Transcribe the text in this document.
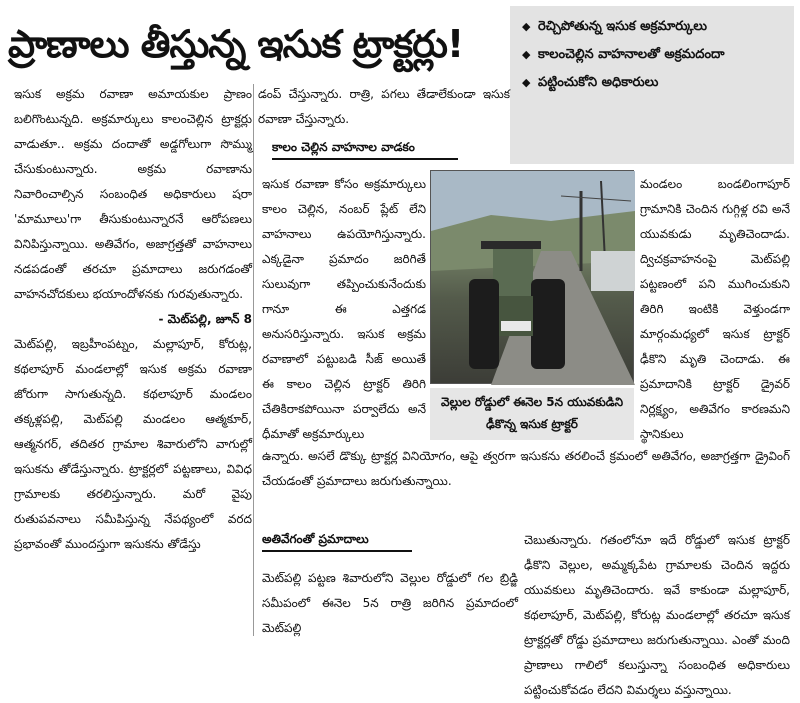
ప్రాణాలు తీస్తున్న ఇసుక ట్రాక్టర్లు!	◆ రెచ్చిపోతున్న ఇసుక అక్రమార్కులు
◆ కాలంచెల్లిన వాహనాలతో అక్రమదందా
◆ పట్టించుకోని అధికారులు

ఇసుక అక్రమ రవాణా అమాయకుల ప్రాణం బలిగొంటున్నది. అక్రమార్కులు కాలంచెల్లిన ట్రాక్టర్లు వాడుతూ.. అక్రమ దందాతో అడ్డగోలుగా సొమ్ము చేసుకుంటున్నారు. అక్రమ రవాణాను నివారించాల్సిన సంబంధిత అధికారులు షరా 'మామూలు'గా తీసుకుంటున్నారనే ఆరోపణలు వినిపిస్తున్నాయి. అతివేగం, అజాగ్రత్తతో వాహనాలు నడపడంతో తరచూ ప్రమాదాలు జరుగడంతో వాహనచోదకులు భయాందోళనకు గురవుతున్నారు.

- మెట్‌పల్లి, జూన్‌ 8

మెట్‌పల్లి, ఇబ్రహీంపట్నం, మల్లాపూర్‌, కోరుట్ల, కథలాపూర్‌ మండలాల్లో ఇసుక అక్రమ రవాణా జోరుగా సాగుతున్నది. కథలాపూర్‌ మండలం తక్కళ్లపల్లి, మెట్‌పల్లి మండలం ఆత్మకూర్‌, ఆత్మనగర్‌, తదితర గ్రామాల శివారులోని వాగుల్లో ఇసుకను తోడేస్తున్నారు. ట్రాక్టర్లలో పట్టణాలు, వివిధ గ్రామాలకు తరలిస్తున్నారు. మరో వైపు రుతుపవనాలు సమీపిస్తున్న నేపథ్యంలో వరద ప్రభావంతో ముందస్తుగా ఇసుకను తోడేస్తు

డంప్‌ చేస్తున్నారు. రాత్రి, పగలు తేడాలేకుండా ఇసుక రవాణా చేస్తున్నారు.
కాలం చెల్లిన వాహనాల వాడకం
ఇసుక రవాణా కోసం అక్రమార్కులు కాలం చెల్లిన, నంబర్‌ ప్లేట్‌ లేని వాహనాలు ఉపయోగిస్తున్నారు. ఎక్కడైనా ప్రమాదం జరిగితే సులువుగా తప్పించుకునేందుకు గానూ ఈ ఎత్తగడ అనుసరిస్తున్నారు. ఇసుక అక్రమ రవాణాలో పట్టుబడి సీజ్‌ అయితే ఈ కాలం చెల్లిన ట్రాక్టర్‌ తిరిగి చేతికిరాకపోయినా పర్వాలేదు అనే ధీమాతో అక్రమార్కులు
వెల్లుల రోడ్డులో ఈనెల 5న యువకుడిని ఢీకొన్న ఇసుక ట్రాక్టర్‌
మండలం బండలింగాపూర్‌ గ్రామానికి చెందిన గుగ్గిళ్ల రవి అనే యువకుడు మృతిచెందాడు. ద్విచక్రవాహనంపై మెట్‌పల్లి పట్టణంలో పని ముగించుకుని తిరిగి ఇంటికి వెళ్తుండగా మార్గంమధ్యలో ఇసుక ట్రాక్టర్‌ ఢీకొని మృతి చెందాడు. ఈ ప్రమాదానికి ట్రాక్టర్‌ డ్రైవర్‌ నిర్లక్ష్యం, అతివేగం కారణమని స్థానికులు
ఉన్నారు. అసలే డొక్కు ట్రాక్టర్ల వినియోగం, ఆపై త్వరగా ఇసుకను తరలించే క్రమంలో అతివేగం, అజాగ్రత్తగా డ్రైవింగ్‌ చేయడంతో ప్రమాదాలు జరుగుతున్నాయి.
అతివేగంతో ప్రమాదాలు
మెట్‌పల్లి పట్టణ శివారులోని వెల్లుల రోడ్డులో గల బ్రిడ్జి సమీపంలో ఈనెల 5న రాత్రి జరిగిన ప్రమాదంలో మెట్‌పల్లి
చెబుతున్నారు. గతంలోనూ ఇదే రోడ్డులో ఇసుక ట్రాక్టర్‌ ఢీకొని వెల్లుల, అమ్మక్కపేట గ్రామాలకు చెందిన ఇద్దరు యువకులు మృతిచెందారు. ఇవే కాకుండా మల్లాపూర్‌, కథలాపూర్‌, మెట్‌పల్లి, కోరుట్ల మండలాల్లో తరచూ ఇసుక ట్రాక్టర్లతో రోడ్డు ప్రమాదాలు జరుగుతున్నాయి. ఎంతో మంది ప్రాణాలు గాలిలో కలుస్తున్నా సంబంధిత అధికారులు పట్టించుకోవడం లేదని విమర్శలు వస్తున్నాయి.
